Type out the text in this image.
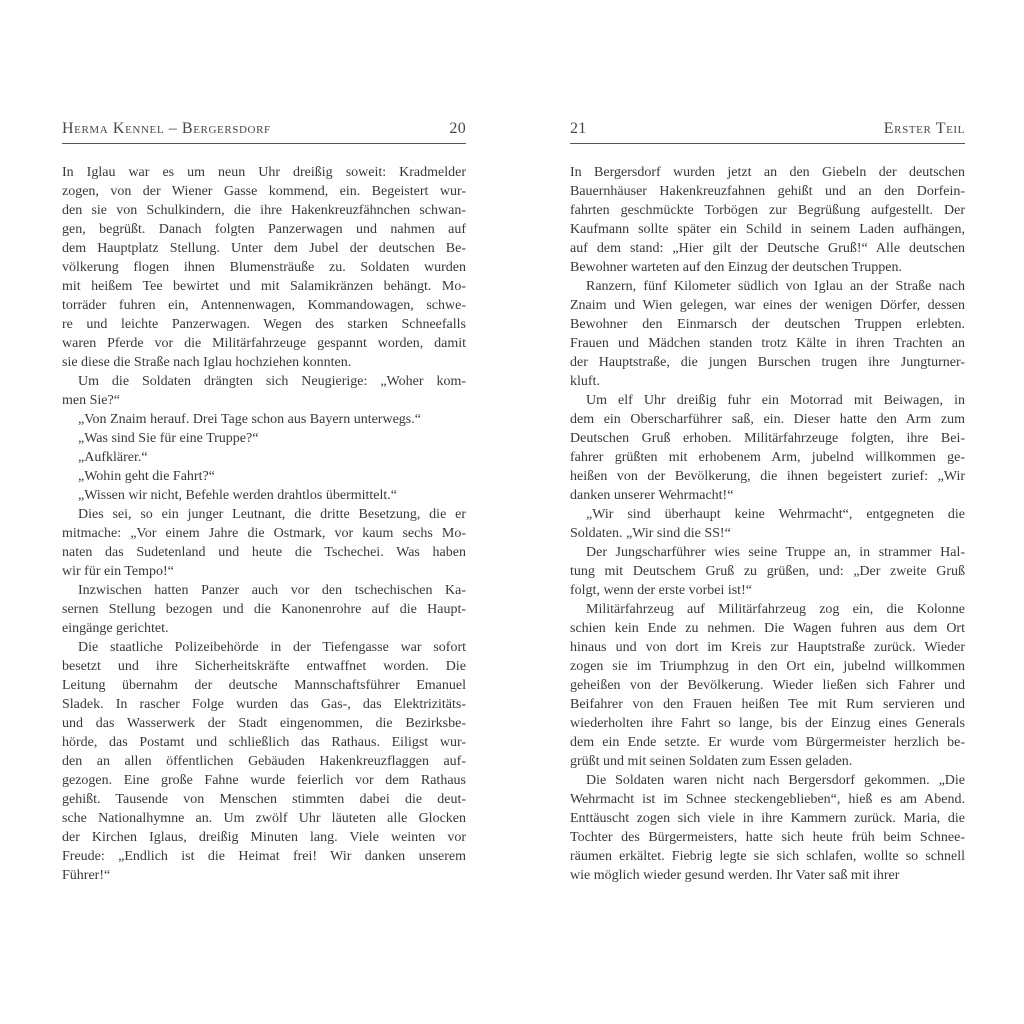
Herma Kennel – Bergersdorf	20
In Iglau war es um neun Uhr dreißig soweit: Kradmelder
zogen, von der Wiener Gasse kommend, ein. Begeistert wur-
den sie von Schulkindern, die ihre Hakenkreuzfähnchen schwan-
gen, begrüßt. Danach folgten Panzerwagen und nahmen auf
dem Hauptplatz Stellung. Unter dem Jubel der deutschen Be-
völkerung flogen ihnen Blumensträuße zu. Soldaten wurden
mit heißem Tee bewirtet und mit Salamikränzen behängt. Mo-
torräder fuhren ein, Antennenwagen, Kommandowagen, schwe-
re und leichte Panzerwagen. Wegen des starken Schneefalls
waren Pferde vor die Militärfahrzeuge gespannt worden, damit
sie diese die Straße nach Iglau hochziehen konnten.
Um die Soldaten drängten sich Neugierige: „Woher kom-
men Sie?“
„Von Znaim herauf. Drei Tage schon aus Bayern unterwegs.“
„Was sind Sie für eine Truppe?“
„Aufklärer.“
„Wohin geht die Fahrt?“
„Wissen wir nicht, Befehle werden drahtlos übermittelt.“
Dies sei, so ein junger Leutnant, die dritte Besetzung, die er
mitmache: „Vor einem Jahre die Ostmark, vor kaum sechs Mo-
naten das Sudetenland und heute die Tschechei. Was haben
wir für ein Tempo!“
Inzwischen hatten Panzer auch vor den tschechischen Ka-
sernen Stellung bezogen und die Kanonenrohre auf die Haupt-
eingänge gerichtet.
Die staatliche Polizeibehörde in der Tiefengasse war sofort
besetzt und ihre Sicherheitskräfte entwaffnet worden. Die
Leitung übernahm der deutsche Mannschaftsführer Emanuel
Sladek. In rascher Folge wurden das Gas-, das Elektrizitäts-
und das Wasserwerk der Stadt eingenommen, die Bezirksbe-
hörde, das Postamt und schließlich das Rathaus. Eiligst wur-
den an allen öffentlichen Gebäuden Hakenkreuzflaggen auf-
gezogen. Eine große Fahne wurde feierlich vor dem Rathaus
gehißt. Tausende von Menschen stimmten dabei die deut-
sche Nationalhymne an. Um zwölf Uhr läuteten alle Glocken
der Kirchen Iglaus, dreißig Minuten lang. Viele weinten vor
Freude: „Endlich ist die Heimat frei! Wir danken unserem
Führer!“
21	Erster Teil
In Bergersdorf wurden jetzt an den Giebeln der deutschen
Bauernhäuser Hakenkreuzfahnen gehißt und an den Dorfein-
fahrten geschmückte Torbögen zur Begrüßung aufgestellt. Der
Kaufmann sollte später ein Schild in seinem Laden aufhängen,
auf dem stand: „Hier gilt der Deutsche Gruß!“ Alle deutschen
Bewohner warteten auf den Einzug der deutschen Truppen.
Ranzern, fünf Kilometer südlich von Iglau an der Straße nach
Znaim und Wien gelegen, war eines der wenigen Dörfer, dessen
Bewohner den Einmarsch der deutschen Truppen erlebten.
Frauen und Mädchen standen trotz Kälte in ihren Trachten an
der Hauptstraße, die jungen Burschen trugen ihre Jungturner-
kluft.
Um elf Uhr dreißig fuhr ein Motorrad mit Beiwagen, in
dem ein Oberscharführer saß, ein. Dieser hatte den Arm zum
Deutschen Gruß erhoben. Militärfahrzeuge folgten, ihre Bei-
fahrer grüßten mit erhobenem Arm, jubelnd willkommen ge-
heißen von der Bevölkerung, die ihnen begeistert zurief: „Wir
danken unserer Wehrmacht!“
„Wir sind überhaupt keine Wehrmacht“, entgegneten die
Soldaten. „Wir sind die SS!“
Der Jungscharführer wies seine Truppe an, in strammer Hal-
tung mit Deutschem Gruß zu grüßen, und: „Der zweite Gruß
folgt, wenn der erste vorbei ist!“
Militärfahrzeug auf Militärfahrzeug zog ein, die Kolonne
schien kein Ende zu nehmen. Die Wagen fuhren aus dem Ort
hinaus und von dort im Kreis zur Hauptstraße zurück. Wieder
zogen sie im Triumphzug in den Ort ein, jubelnd willkommen
geheißen von der Bevölkerung. Wieder ließen sich Fahrer und
Beifahrer von den Frauen heißen Tee mit Rum servieren und
wiederholten ihre Fahrt so lange, bis der Einzug eines Generals
dem ein Ende setzte. Er wurde vom Bürgermeister herzlich be-
grüßt und mit seinen Soldaten zum Essen geladen.
Die Soldaten waren nicht nach Bergersdorf gekommen. „Die
Wehrmacht ist im Schnee steckengeblieben“, hieß es am Abend.
Enttäuscht zogen sich viele in ihre Kammern zurück. Maria, die
Tochter des Bürgermeisters, hatte sich heute früh beim Schnee-
räumen erkältet. Fiebrig legte sie sich schlafen, wollte so schnell
wie möglich wieder gesund werden. Ihr Vater saß mit ihrer
